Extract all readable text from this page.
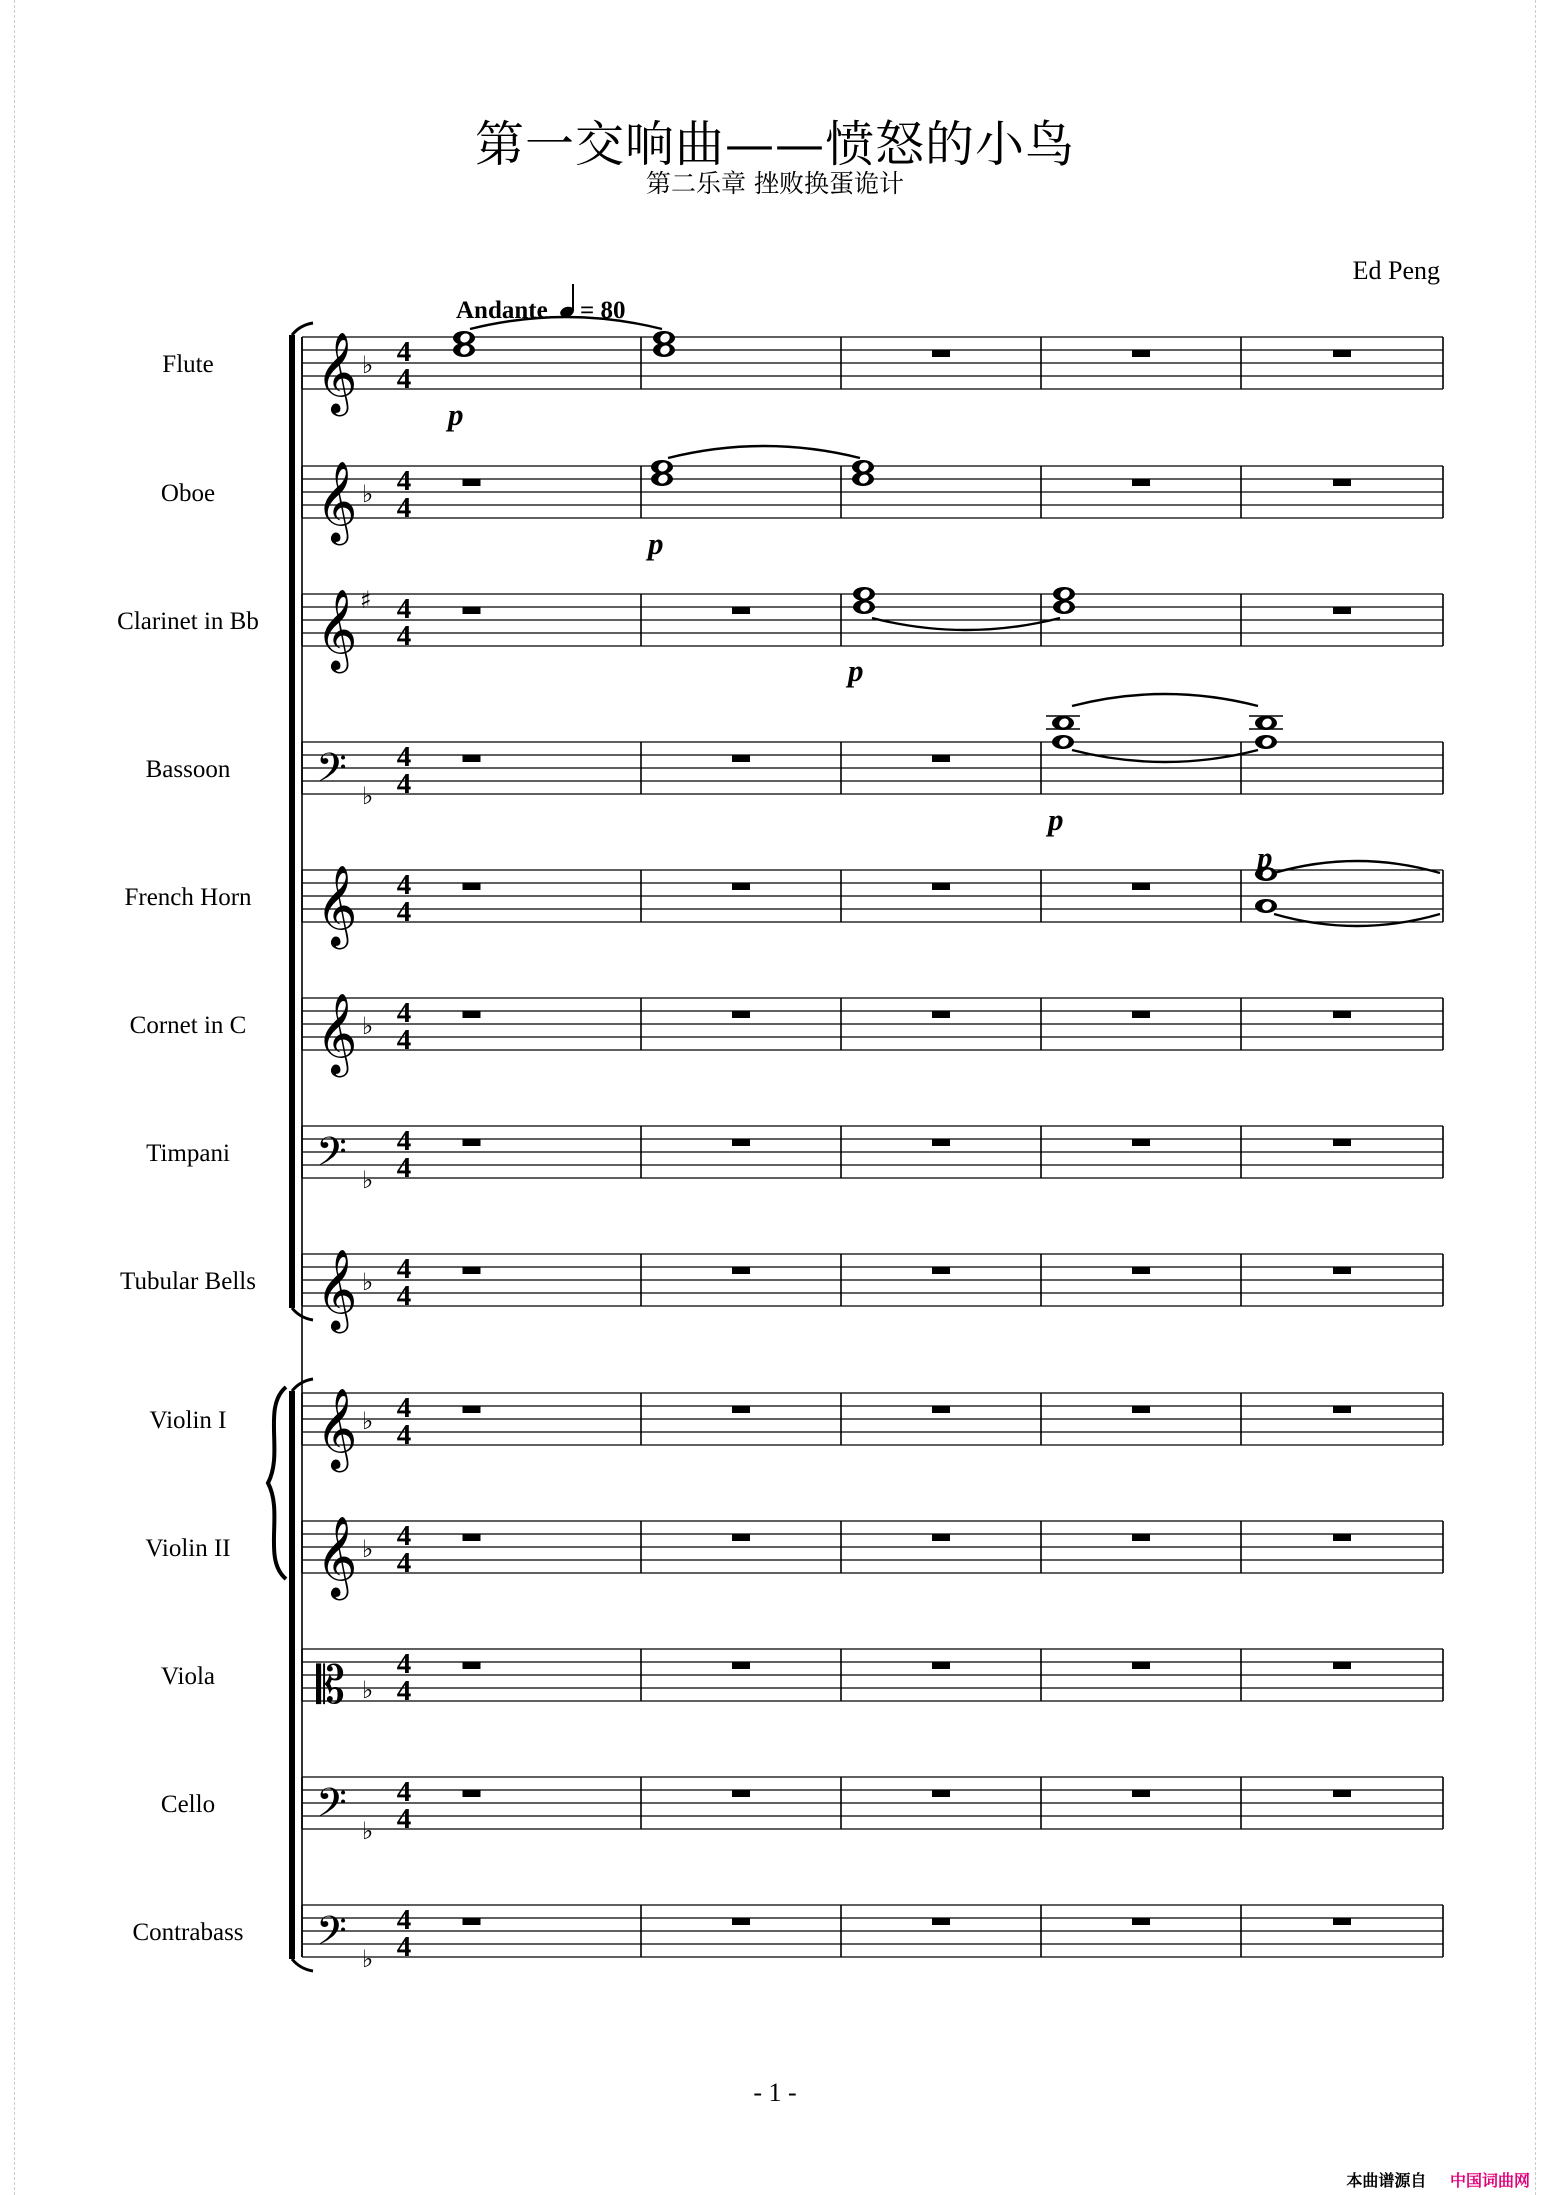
第一交响曲——愤怒的小鸟
第二乐章 挫败换蛋诡计
Ed Peng
Andante = 80
Flute 𝄞 ♭ 4
4
Oboe 𝄞 ♭ 4
4
Clarinet in Bb 𝄞 ♯ 4
4
Bassoon 𝄢 ♭
4
4
French Horn 𝄞 4
4
Cornet in C 𝄞 ♭ 4
4
Timpani 𝄢 ♭
4
4
Tubular Bells 𝄞 ♭ 4
4
Violin I 𝄞 ♭ 4
4
Violin II 𝄞 ♭ 4
4
Viola 𝄡 ♭
4
4
Cello 𝄢 ♭
4
4
Contrabass 𝄢 ♭
4
4
p
p
p
p
p
- 1 -
本曲谱源自 中国词曲网
